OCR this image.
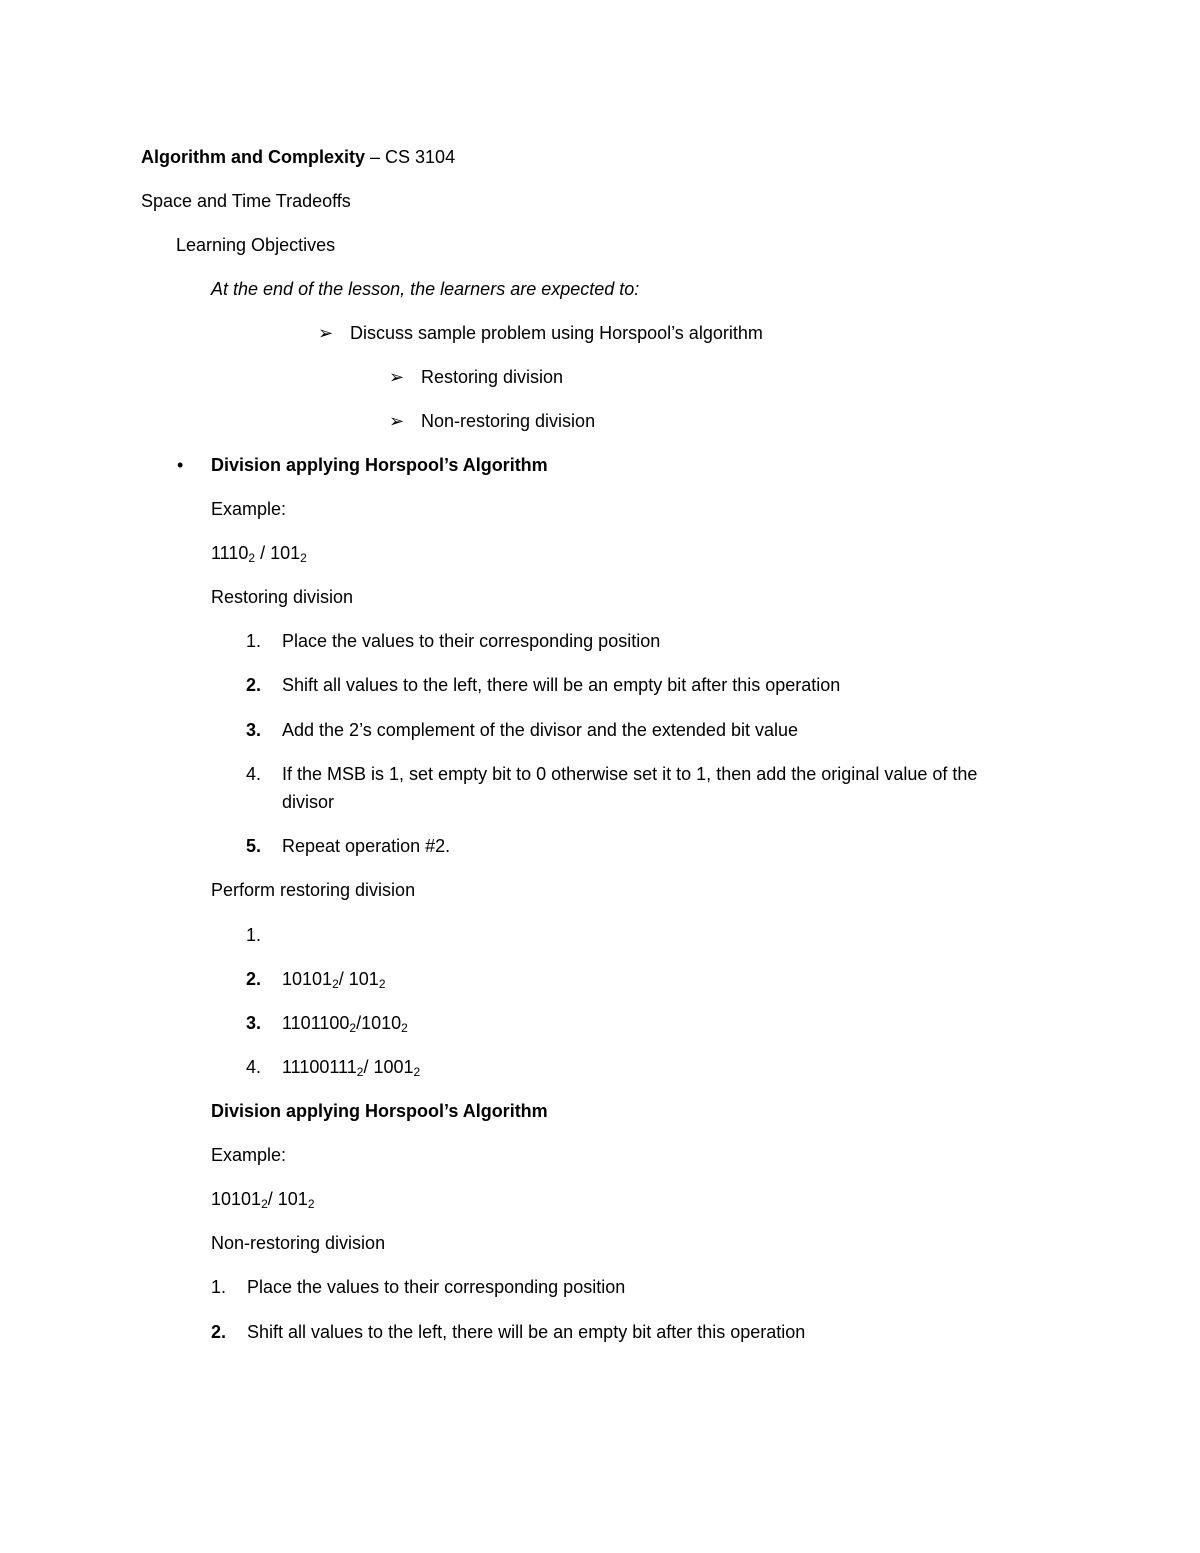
Algorithm and Complexity – CS 3104
Space and Time Tradeoffs
Learning Objectives
At the end of the lesson, the learners are expected to:
➢ Discuss sample problem using Horspool’s algorithm
➢ Restoring division
➢ Non-restoring division
• Division applying Horspool’s Algorithm
Example:
$1110_2 / 101_2$
Restoring division
1. Place the values to their corresponding position
2. Shift all values to the left, there will be an empty bit after this operation
3. Add the 2’s complement of the divisor and the extended bit value
4. If the MSB is 1, set empty bit to 0 otherwise set it to 1, then add the original value of the
divisor
5. Repeat operation #2.
Perform restoring division
1.
2. $10101_2/$ $101_2$
3. $1101100_2/1010_2$
4. $11100111_2/$ $1001_2$
Division applying Horspool’s Algorithm
Example:
$10101_2/$ $101_2$
Non-restoring division
1. Place the values to their corresponding position
2. Shift all values to the left, there will be an empty bit after this operation
